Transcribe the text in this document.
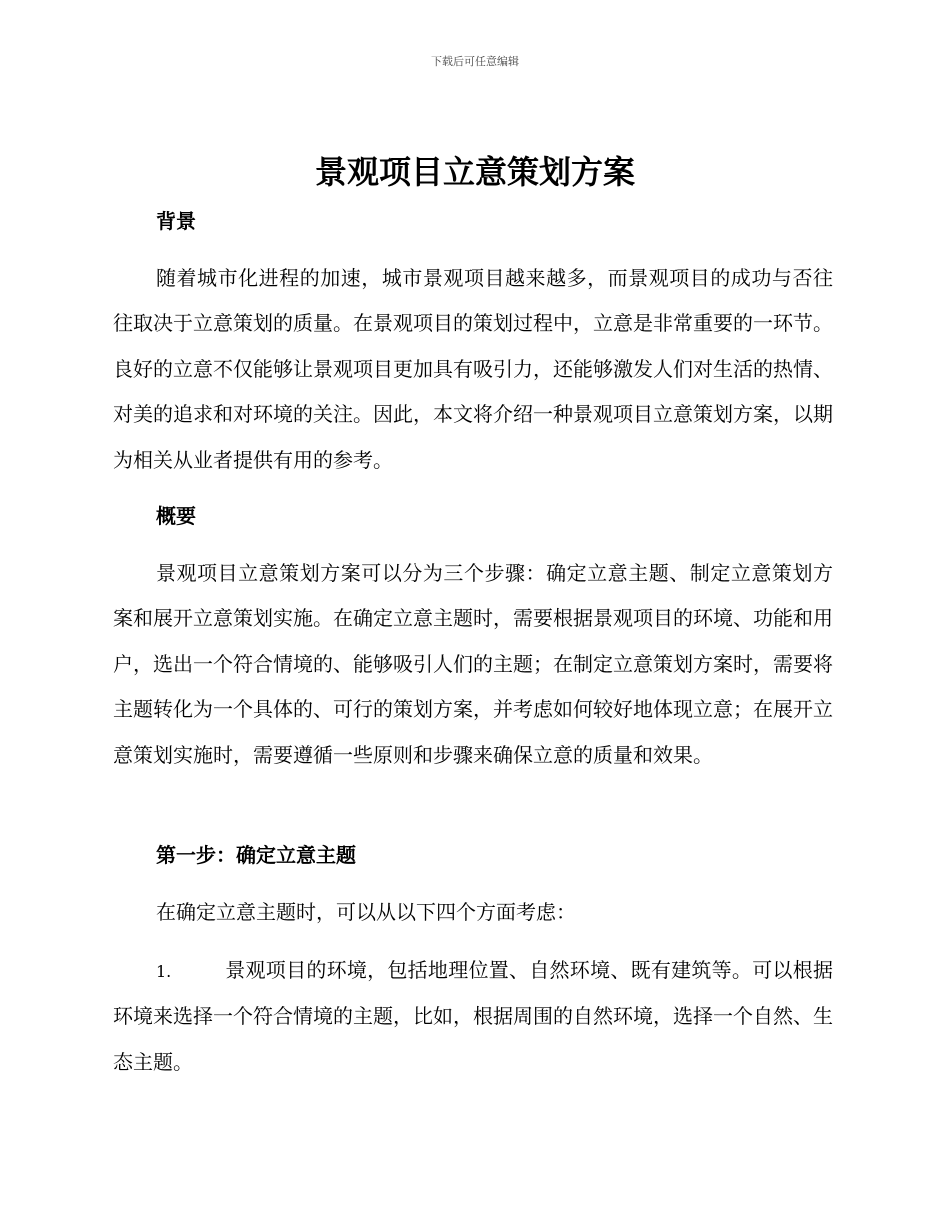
下载后可任意编辑
景观项目立意策划方案
背景

随着城市化进程的加速，城市景观项目越来越多，而景观项目的成功与否往往取决于立意策划的质量。在景观项目的策划过程中，立意是非常重要的一环节。良好的立意不仅能够让景观项目更加具有吸引力，还能够激发人们对生活的热情、对美的追求和对环境的关注。因此，本文将介绍一种景观项目立意策划方案，以期为相关从业者提供有用的参考。

概要

景观项目立意策划方案可以分为三个步骤：确定立意主题、制定立意策划方案和展开立意策划实施。在确定立意主题时，需要根据景观项目的环境、功能和用户，选出一个符合情境的、能够吸引人们的主题；在制定立意策划方案时，需要将主题转化为一个具体的、可行的策划方案，并考虑如何较好地体现立意；在展开立意策划实施时，需要遵循一些原则和步骤来确保立意的质量和效果。

第一步：确定立意主题

在确定立意主题时，可以从以下四个方面考虑：

1.	景观项目的环境，包括地理位置、自然环境、既有建筑等。可以根据环境来选择一个符合情境的主题，比如，根据周围的自然环境，选择一个自然、生态主题。
